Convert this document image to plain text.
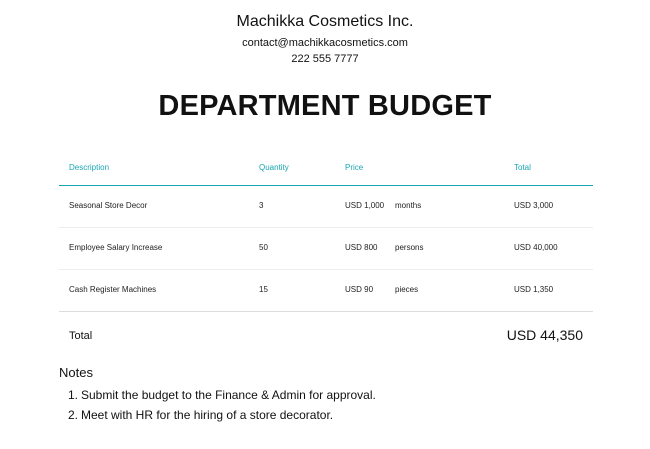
Machikka Cosmetics Inc.
contact@machikkacosmetics.com
222 555 7777
DEPARTMENT BUDGET
Description	Quantity	Price	Total
Seasonal Store Decor	3	USD 1,000 months	USD 3,000
Employee Salary Increase	50	USD 800 persons	USD 40,000
Cash Register Machines	15	USD 90	pieces	USD 1,350
Total	USD 44,350
Notes
1. Submit the budget to the Finance & Admin for approval.
2. Meet with HR for the hiring of a store decorator.
